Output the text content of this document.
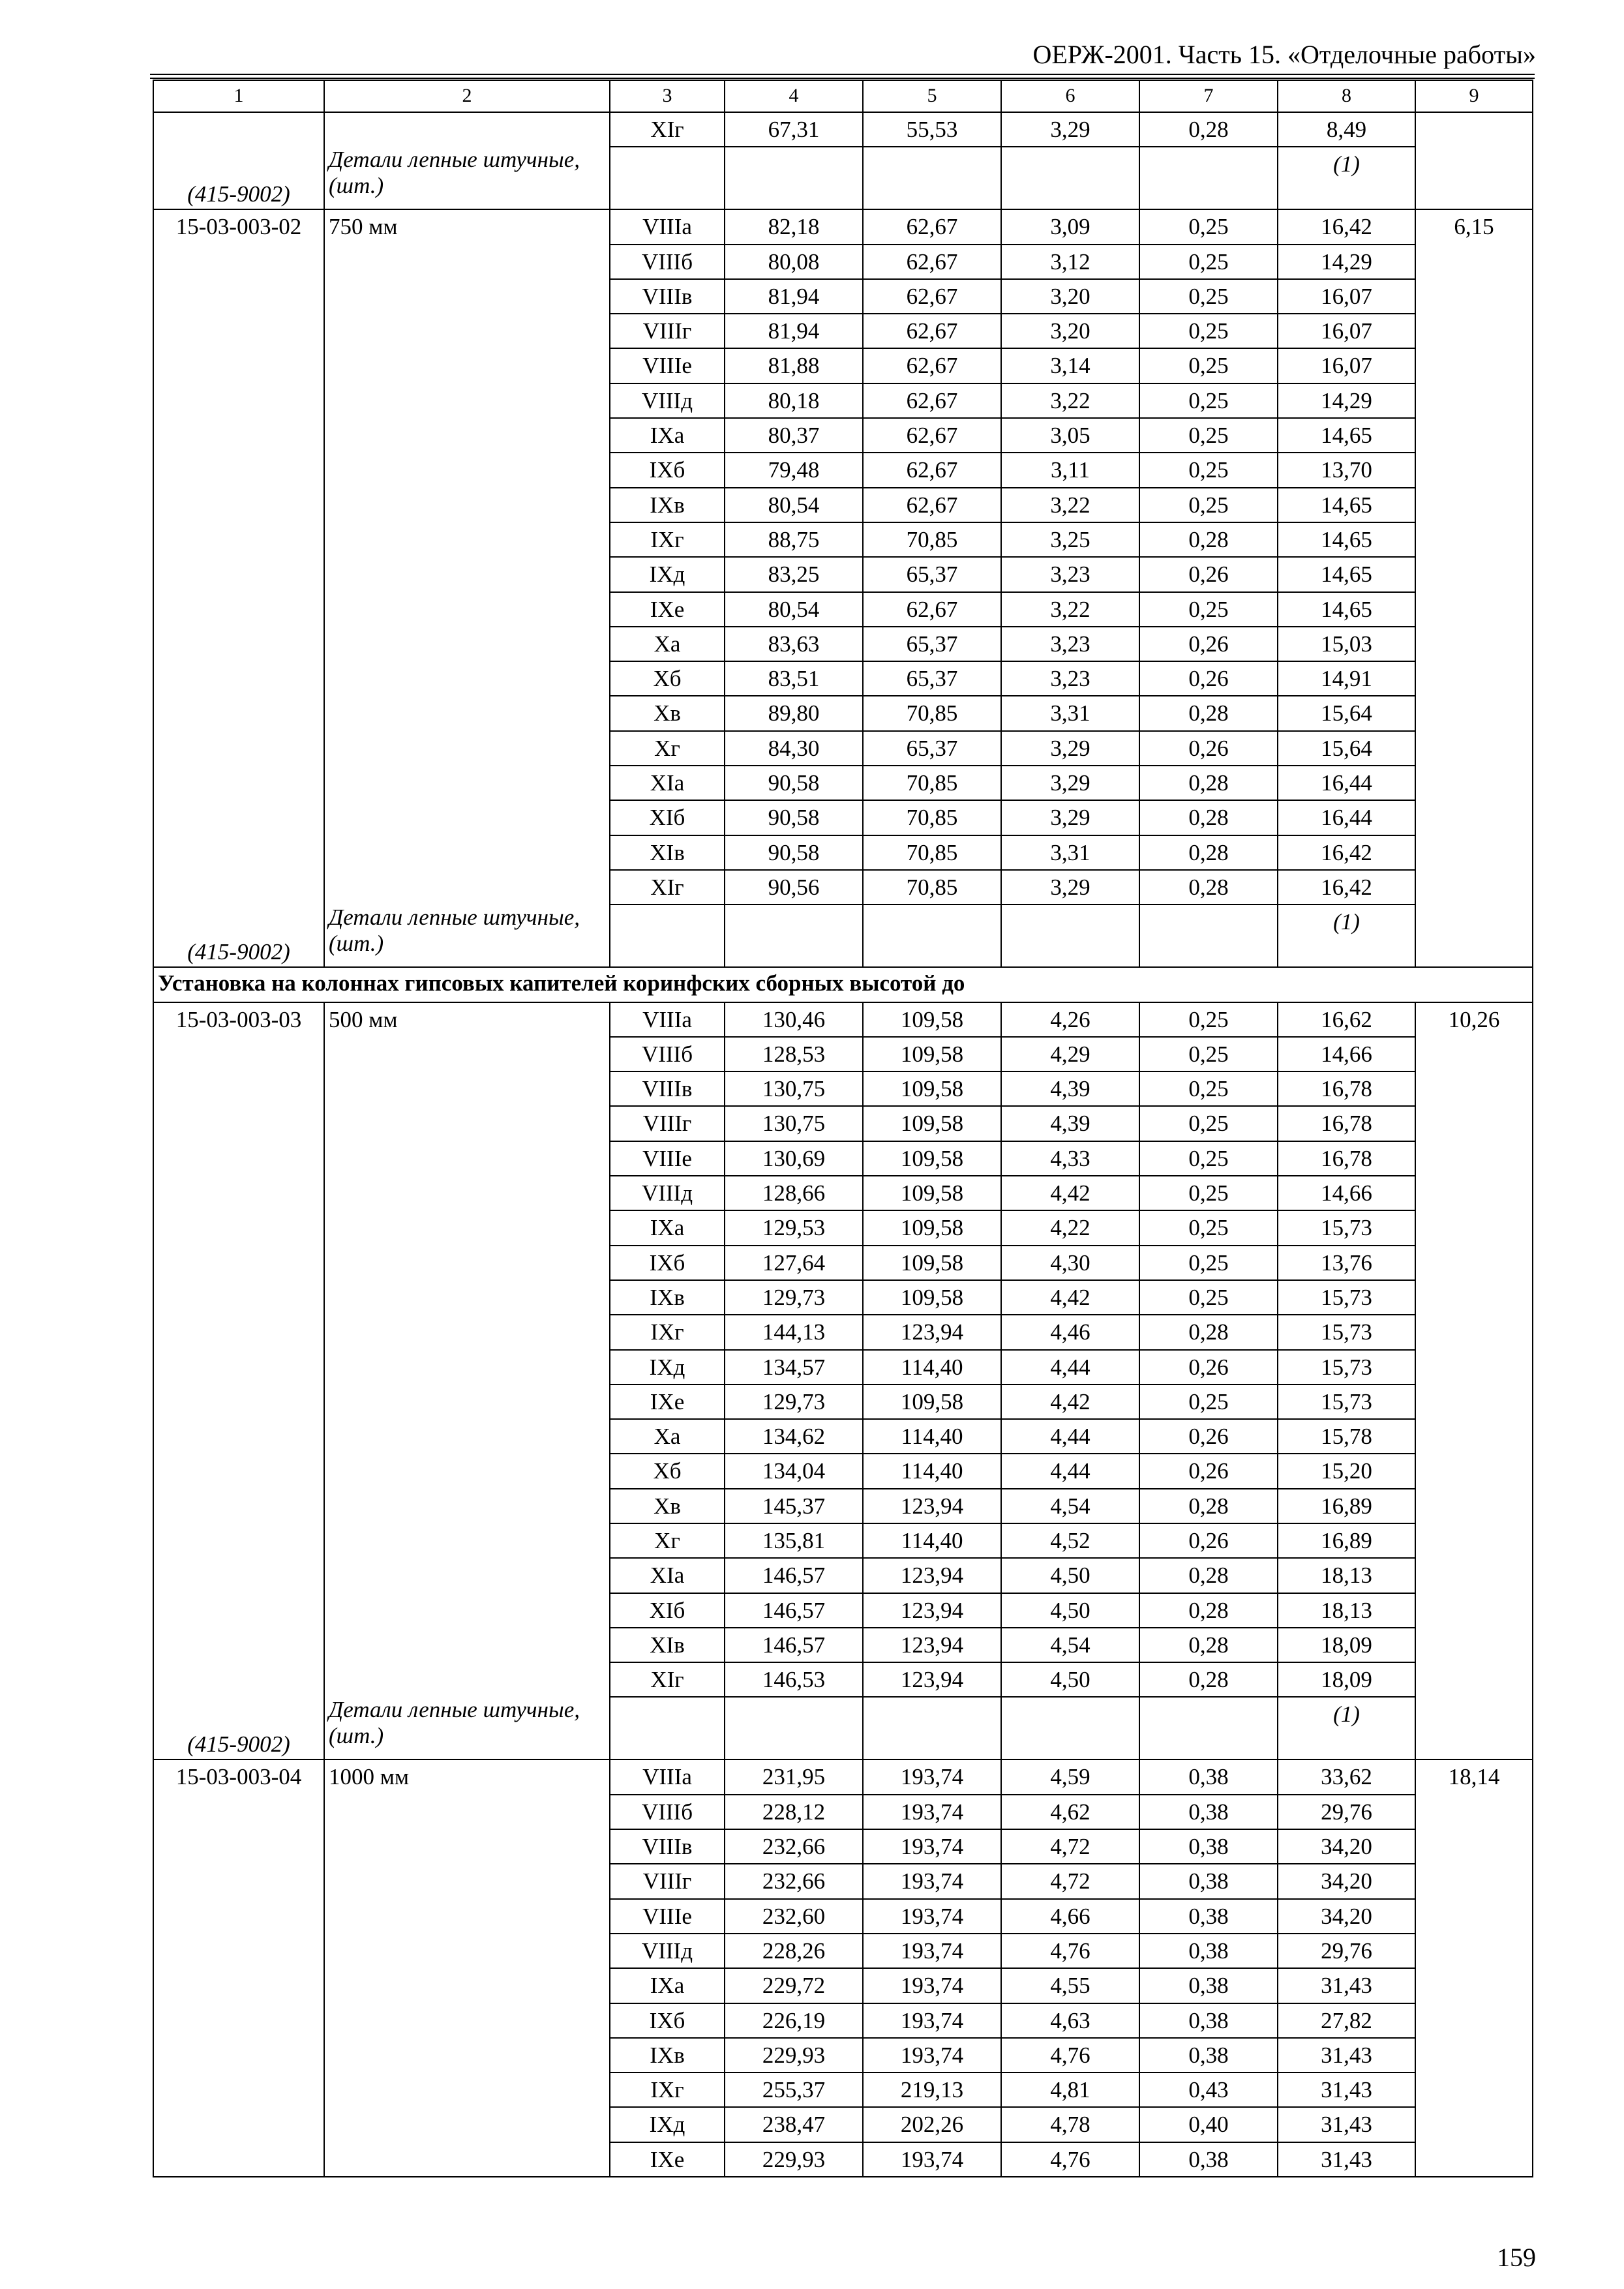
ОЕРЖ-2001. Часть 15. «Отделочные работы»
1	2	3	4	5	6	7	8	9
		XIг	67,31	55,53	3,29	0,28	8,49	
(415-9002)	Детали лепные штучные, (шт.)						(1)	
15-03-003-02	750 мм	VIIIа	82,18	62,67	3,09	0,25	16,42	6,15
		VIIIб	80,08	62,67	3,12	0,25	14,29	
		VIIIв	81,94	62,67	3,20	0,25	16,07	
		VIIIг	81,94	62,67	3,20	0,25	16,07	
		VIIIе	81,88	62,67	3,14	0,25	16,07	
		VIIIд	80,18	62,67	3,22	0,25	14,29	
		IXа	80,37	62,67	3,05	0,25	14,65	
		IXб	79,48	62,67	3,11	0,25	13,70	
		IXв	80,54	62,67	3,22	0,25	14,65	
		IXг	88,75	70,85	3,25	0,28	14,65	
		IXд	83,25	65,37	3,23	0,26	14,65	
		IXе	80,54	62,67	3,22	0,25	14,65	
		Xа	83,63	65,37	3,23	0,26	15,03	
		Xб	83,51	65,37	3,23	0,26	14,91	
		Xв	89,80	70,85	3,31	0,28	15,64	
		Xг	84,30	65,37	3,29	0,26	15,64	
		XIа	90,58	70,85	3,29	0,28	16,44	
		XIб	90,58	70,85	3,29	0,28	16,44	
		XIв	90,58	70,85	3,31	0,28	16,42	
		XIг	90,56	70,85	3,29	0,28	16,42	
(415-9002)	Детали лепные штучные, (шт.)						(1)	
Установка на колоннах гипсовых капителей коринфских сборных высотой до								
15-03-003-03	500 мм	VIIIа	130,46	109,58	4,26	0,25	16,62	10,26
		VIIIб	128,53	109,58	4,29	0,25	14,66	
		VIIIв	130,75	109,58	4,39	0,25	16,78	
		VIIIг	130,75	109,58	4,39	0,25	16,78	
		VIIIе	130,69	109,58	4,33	0,25	16,78	
		VIIIд	128,66	109,58	4,42	0,25	14,66	
		IXа	129,53	109,58	4,22	0,25	15,73	
		IXб	127,64	109,58	4,30	0,25	13,76	
		IXв	129,73	109,58	4,42	0,25	15,73	
		IXг	144,13	123,94	4,46	0,28	15,73	
		IXд	134,57	114,40	4,44	0,26	15,73	
		IXе	129,73	109,58	4,42	0,25	15,73	
		Xа	134,62	114,40	4,44	0,26	15,78	
		Xб	134,04	114,40	4,44	0,26	15,20	
		Xв	145,37	123,94	4,54	0,28	16,89	
		Xг	135,81	114,40	4,52	0,26	16,89	
		XIа	146,57	123,94	4,50	0,28	18,13	
		XIб	146,57	123,94	4,50	0,28	18,13	
		XIв	146,57	123,94	4,54	0,28	18,09	
		XIг	146,53	123,94	4,50	0,28	18,09	
(415-9002)	Детали лепные штучные, (шт.)						(1)	
15-03-003-04	1000 мм	VIIIа	231,95	193,74	4,59	0,38	33,62	18,14
		VIIIб	228,12	193,74	4,62	0,38	29,76	
		VIIIв	232,66	193,74	4,72	0,38	34,20	
		VIIIг	232,66	193,74	4,72	0,38	34,20	
		VIIIе	232,60	193,74	4,66	0,38	34,20	
		VIIIд	228,26	193,74	4,76	0,38	29,76	
		IXа	229,72	193,74	4,55	0,38	31,43	
		IXб	226,19	193,74	4,63	0,38	27,82	
		IXв	229,93	193,74	4,76	0,38	31,43	
		IXг	255,37	219,13	4,81	0,43	31,43	
		IXд	238,47	202,26	4,78	0,40	31,43	
		IXе	229,93	193,74	4,76	0,38	31,43	
159
